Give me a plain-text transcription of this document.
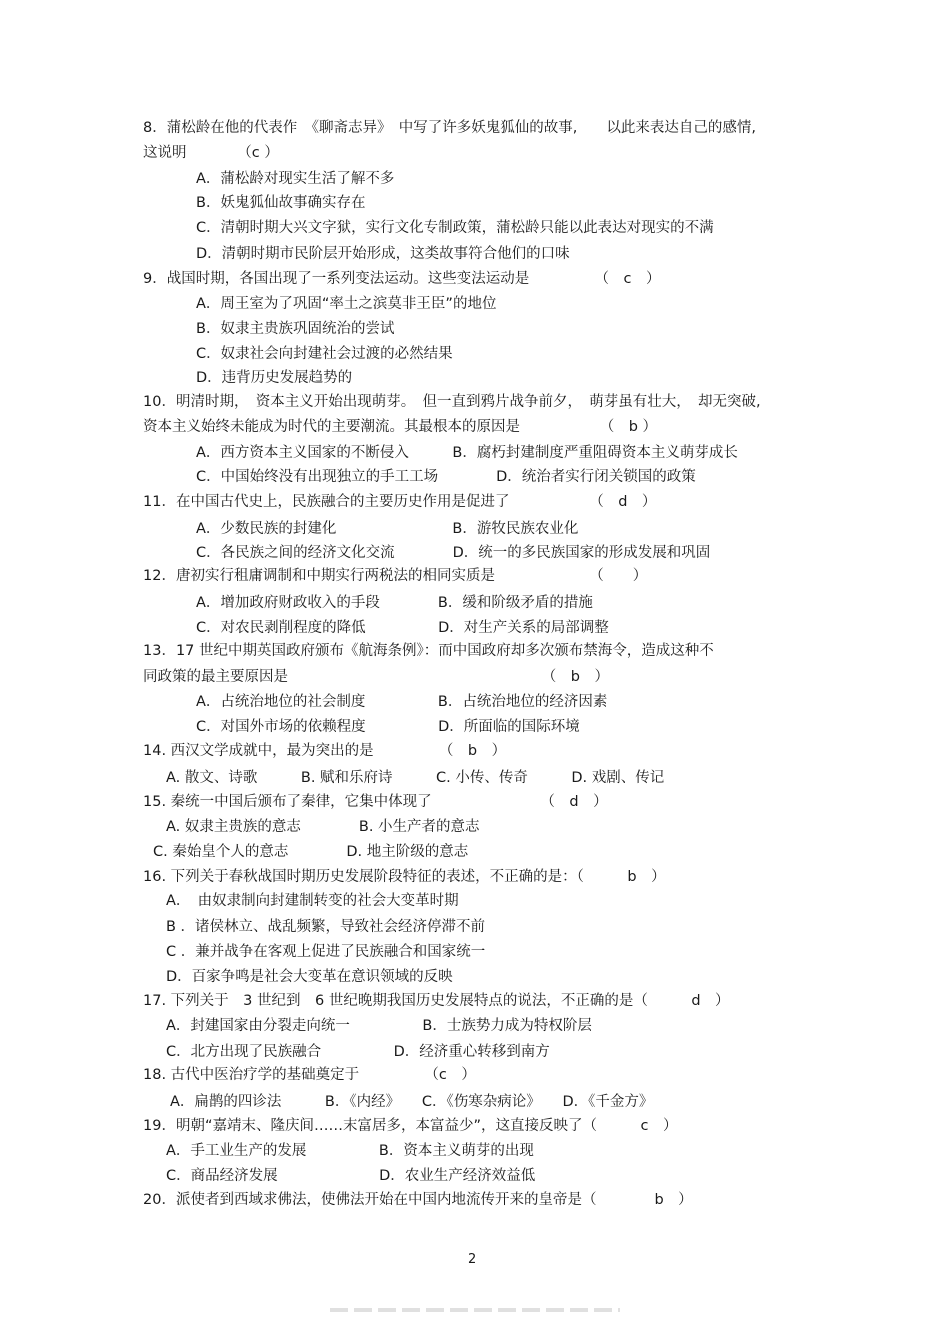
8．蒲松龄在他的代表作　《聊斋志异》　中写了许多妖鬼狐仙的故事,　　以此来表达自己的感情,
这说明　　　　（c ）
A．蒲松龄对现实生活了解不多
B．妖鬼狐仙故事确实存在
C．清朝时期大兴文字狱，实行文化专制政策，蒲松龄只能以此表达对现实的不满
D．清朝时期市民阶层开始形成，这类故事符合他们的口味
9．战国时期，各国出现了一系列变法运动。这些变法运动是　　　　　（　c　）
A．周王室为了巩固“率土之滨莫非王臣”的地位
B．奴隶主贵族巩固统治的尝试
C．奴隶社会向封建社会过渡的必然结果
D．违背历史发展趋势的
10．明清时期，　资本主义开始出现萌芽。　但一直到鸦片战争前夕，　萌芽虽有壮大，　却无突破,
资本主义始终未能成为时代的主要潮流。其最根本的原因是　　　　　　（　b ）
A．西方资本主义国家的不断侵入　　　B．腐朽封建制度严重阻碍资本主义萌芽成长
C．中国始终没有出现独立的手工工场　　　　D．统治者实行闭关锁国的政策
11．在中国古代史上，民族融合的主要历史作用是促进了　　　　　　（　d　）
A．少数民族的封建化　　　　　　　　B．游牧民族农业化
C．各民族之间的经济文化交流　　　　D．统一的多民族国家的形成发展和巩固
12．唐初实行租庸调制和中期实行两税法的相同实质是　　　　　　　（　　）
A．增加政府财政收入的手段　　　　B．缓和阶级矛盾的措施
C．对农民剥削程度的降低　　　　　D．对生产关系的局部调整
13．17 世纪中期英国政府颁布《航海条例》：而中国政府却多次颁布禁海令，造成这种不
同政策的最主要原因是　　　　　　　　　　　　　　　　　　（　b　）
A．占统治地位的社会制度　　　　　B．占统治地位的经济因素
C．对国外市场的依赖程度　　　　　D．所面临的国际环境
14. 西汉文学成就中，最为突出的是　　　　　（　b　）
A. 散文、诗歌　　　B. 赋和乐府诗　　　C. 小传、传奇　　　D. 戏剧、传记
15. 秦统一中国后颁布了秦律，它集中体现了　　　　　　　　（　d　）
A. 奴隶主贵族的意志　　　　B. 小生产者的意志
C. 秦始皇个人的意志　　　　D. 地主阶级的意志
16. 下列关于春秋战国时期历史发展阶段特征的表述，不正确的是：（　　　b　）
A．　由奴隶制向封建制转变的社会大变革时期
B ．诸侯林立、战乱频繁，导致社会经济停滞不前
C ．兼并战争在客观上促进了民族融合和国家统一
D．百家争鸣是社会大变革在意识领域的反映
17. 下列关于　3 世纪到　6 世纪晚期我国历史发展特点的说法，不正确的是（　　　d　）
A．封建国家由分裂走向统一　　　　　B．士族势力成为特权阶层
C．北方出现了民族融合　　　　　D．经济重心转移到南方
18. 古代中医治疗学的基础奠定于　　　　　（c　）
A．扁鹊的四诊法　　　B．《内经》　　C．《伤寒杂病论》　　D．《千金方》
19．明朝“嘉靖末、隆庆间……末富居多，本富益少”，这直接反映了（　　　c　）
A．手工业生产的发展　　　　　B．资本主义萌芽的出现
C．商品经济发展　　　　　　　D．农业生产经济效益低
20．派使者到西域求佛法，使佛法开始在中国内地流传开来的皇帝是（　　　　b　）
2
